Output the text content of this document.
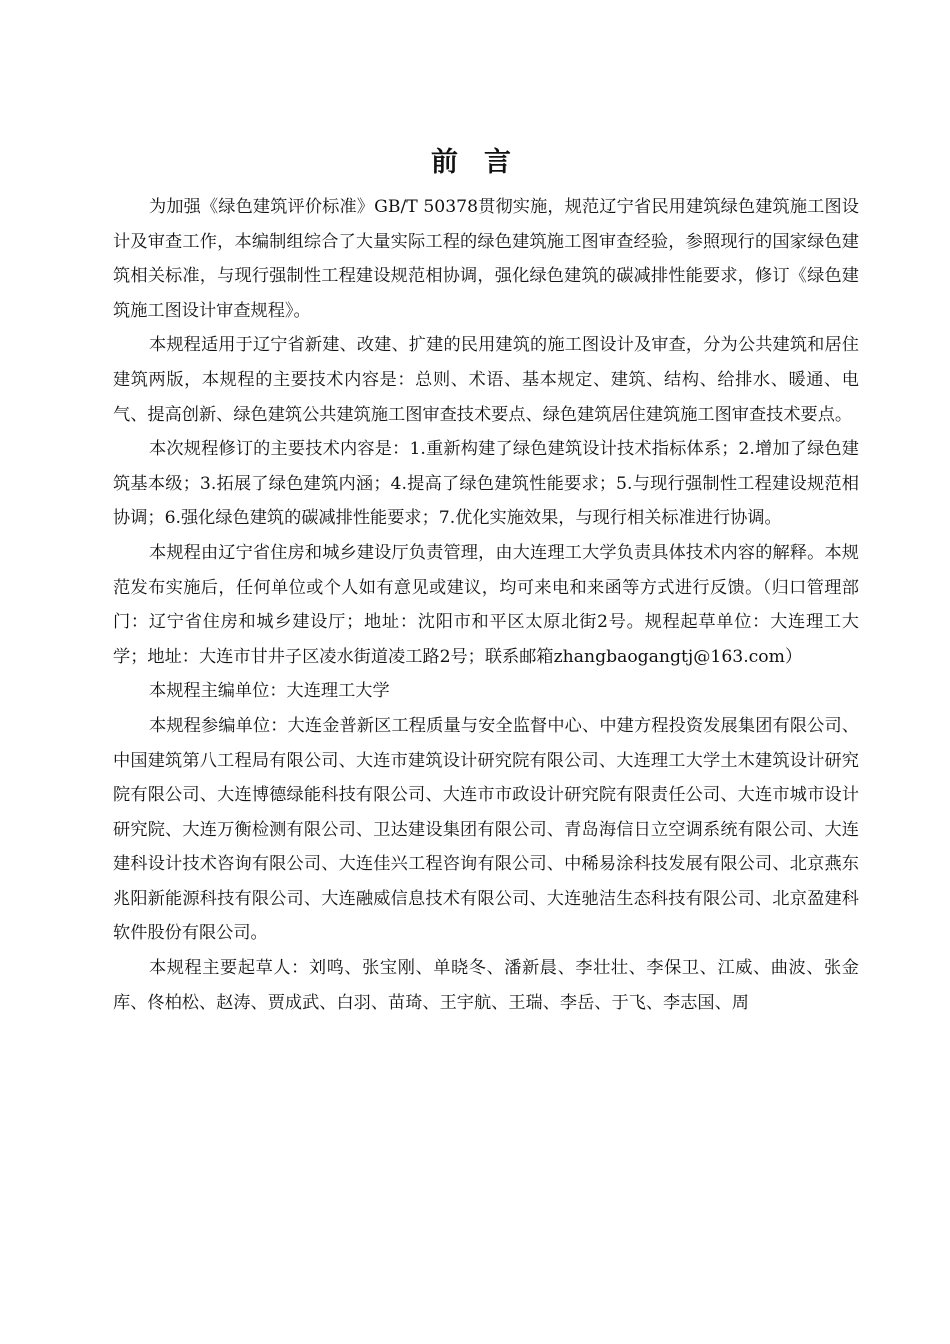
前言

为加强《绿色建筑评价标准》GB/T 50378贯彻实施，规范辽宁省民用建筑绿色建筑施工图设计及审查工作，本编制组综合了大量实际工程的绿色建筑施工图审查经验，参照现行的国家绿色建筑相关标准，与现行强制性工程建设规范相协调，强化绿色建筑的碳减排性能要求，修订《绿色建筑施工图设计审查规程》。

本规程适用于辽宁省新建、改建、扩建的民用建筑的施工图设计及审查，分为公共建筑和居住建筑两版，本规程的主要技术内容是：总则、术语、基本规定、建筑、结构、给排水、暖通、电气、提高创新、绿色建筑公共建筑施工图审查技术要点、绿色建筑居住建筑施工图审查技术要点。

本次规程修订的主要技术内容是：1.重新构建了绿色建筑设计技术指标体系；2.增加了绿色建筑基本级；3.拓展了绿色建筑内涵；4.提高了绿色建筑性能要求；5.与现行强制性工程建设规范相协调；6.强化绿色建筑的碳减排性能要求；7.优化实施效果，与现行相关标准进行协调。

本规程由辽宁省住房和城乡建设厅负责管理，由大连理工大学负责具体技术内容的解释。本规范发布实施后，任何单位或个人如有意见或建议，均可来电和来函等方式进行反馈。（归口管理部门：辽宁省住房和城乡建设厅；地址：沈阳市和平区太原北街2号。规程起草单位：大连理工大学；地址：大连市甘井子区凌水街道凌工路2号；联系邮箱zhangbaogangtj@163.com）

本规程主编单位：大连理工大学

本规程参编单位：大连金普新区工程质量与安全监督中心、中建方程投资发展集团有限公司、中国建筑第八工程局有限公司、大连市建筑设计研究院有限公司、大连理工大学土木建筑设计研究院有限公司、大连博德绿能科技有限公司、大连市市政设计研究院有限责任公司、大连市城市设计研究院、大连万衡检测有限公司、卫达建设集团有限公司、青岛海信日立空调系统有限公司、大连建科设计技术咨询有限公司、大连佳兴工程咨询有限公司、中稀易涂科技发展有限公司、北京燕东兆阳新能源科技有限公司、大连融威信息技术有限公司、大连驰洁生态科技有限公司、北京盈建科软件股份有限公司。

本规程主要起草人：刘鸣、张宝刚、单晓冬、潘新晨、李壮壮、李保卫、江威、曲波、张金库、佟柏松、赵涛、贾成武、白羽、苗琦、王宇航、王瑞、李岳、于飞、李志国、周
